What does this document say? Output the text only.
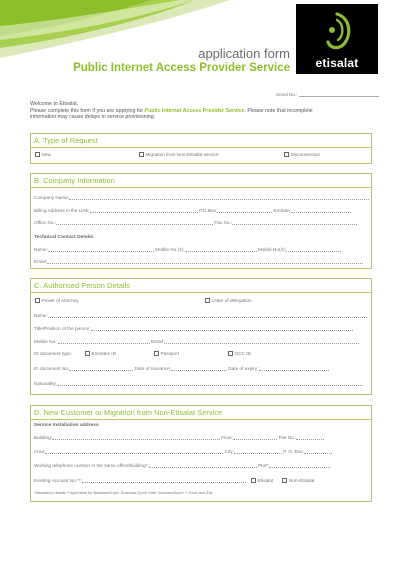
etisalat
application form
Public Internet Access Provider Service
Serial No.:
Welcome to Etisalat,
Please complete this form if you are applying for Public Internet Access Provider Service. Please note that incomplete
information may cause delays in service provisioning.
A. Type of Request
New	Migration from Non-Etisalat service	Disconnection
B. Company Information
Company Name:
Billing Address in the UAE:	P.O.Box:	Emirate:
Office No.:	Fax No.:
Technical Contact Details:
Name:	Mobile No (1):	Mobile No(2):
Email:
C. Authorised Person Details
Power of Attorney	Letter of delegation
Name:
Title/Position of the person:
Mobile No.:	Email:
ID document type:	Emirates ID	Passport	GCC ID
ID document No:	Date of Issuance:	Date of expiry:
Nationality:
D. New Customer or Migration from Non-Etisalat Service
Service Installation address
Building:	Floor:	Flat No.:
Area:	City:	P. O. Box:
Working telephone number in the same office/building*:	Plot*:
Existing Account No.**:	Etisalat	Non-Etisalat
*Mandatory details **Applicable for BusinessSuper, Business Quick Start, BusinessSuper + Voice and IDA
